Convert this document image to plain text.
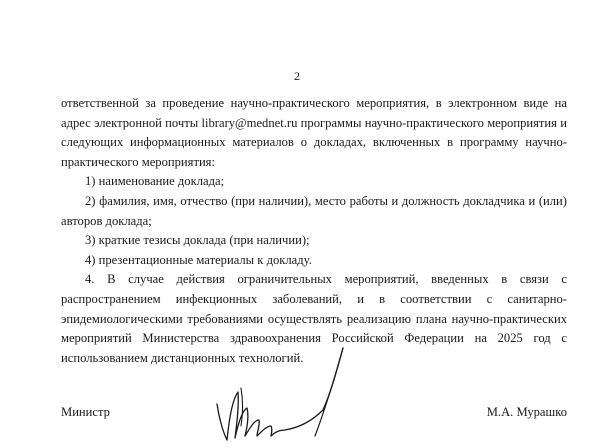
2

ответственной за проведение научно-практического мероприятия, в электронном виде на адрес электронной почты library@mednet.ru программы научно-практического мероприятия и следующих информационных материалов о докладах, включенных в программу научно-практического мероприятия:

1) наименование доклада;

2) фамилия, имя, отчество (при наличии), место работы и должность докладчика и (или) авторов доклада;

3) краткие тезисы доклада (при наличии);

4) презентационные материалы к докладу.

4. В случае действия ограничительных мероприятий, введенных в связи с распространением инфекционных заболеваний, и в соответствии с санитарно-эпидемиологическими требованиями осуществлять реализацию плана научно-практических мероприятий Министерства здравоохранения Российской Федерации на 2025 год с использованием дистанционных технологий.

Министр	М.А. Мурашко
